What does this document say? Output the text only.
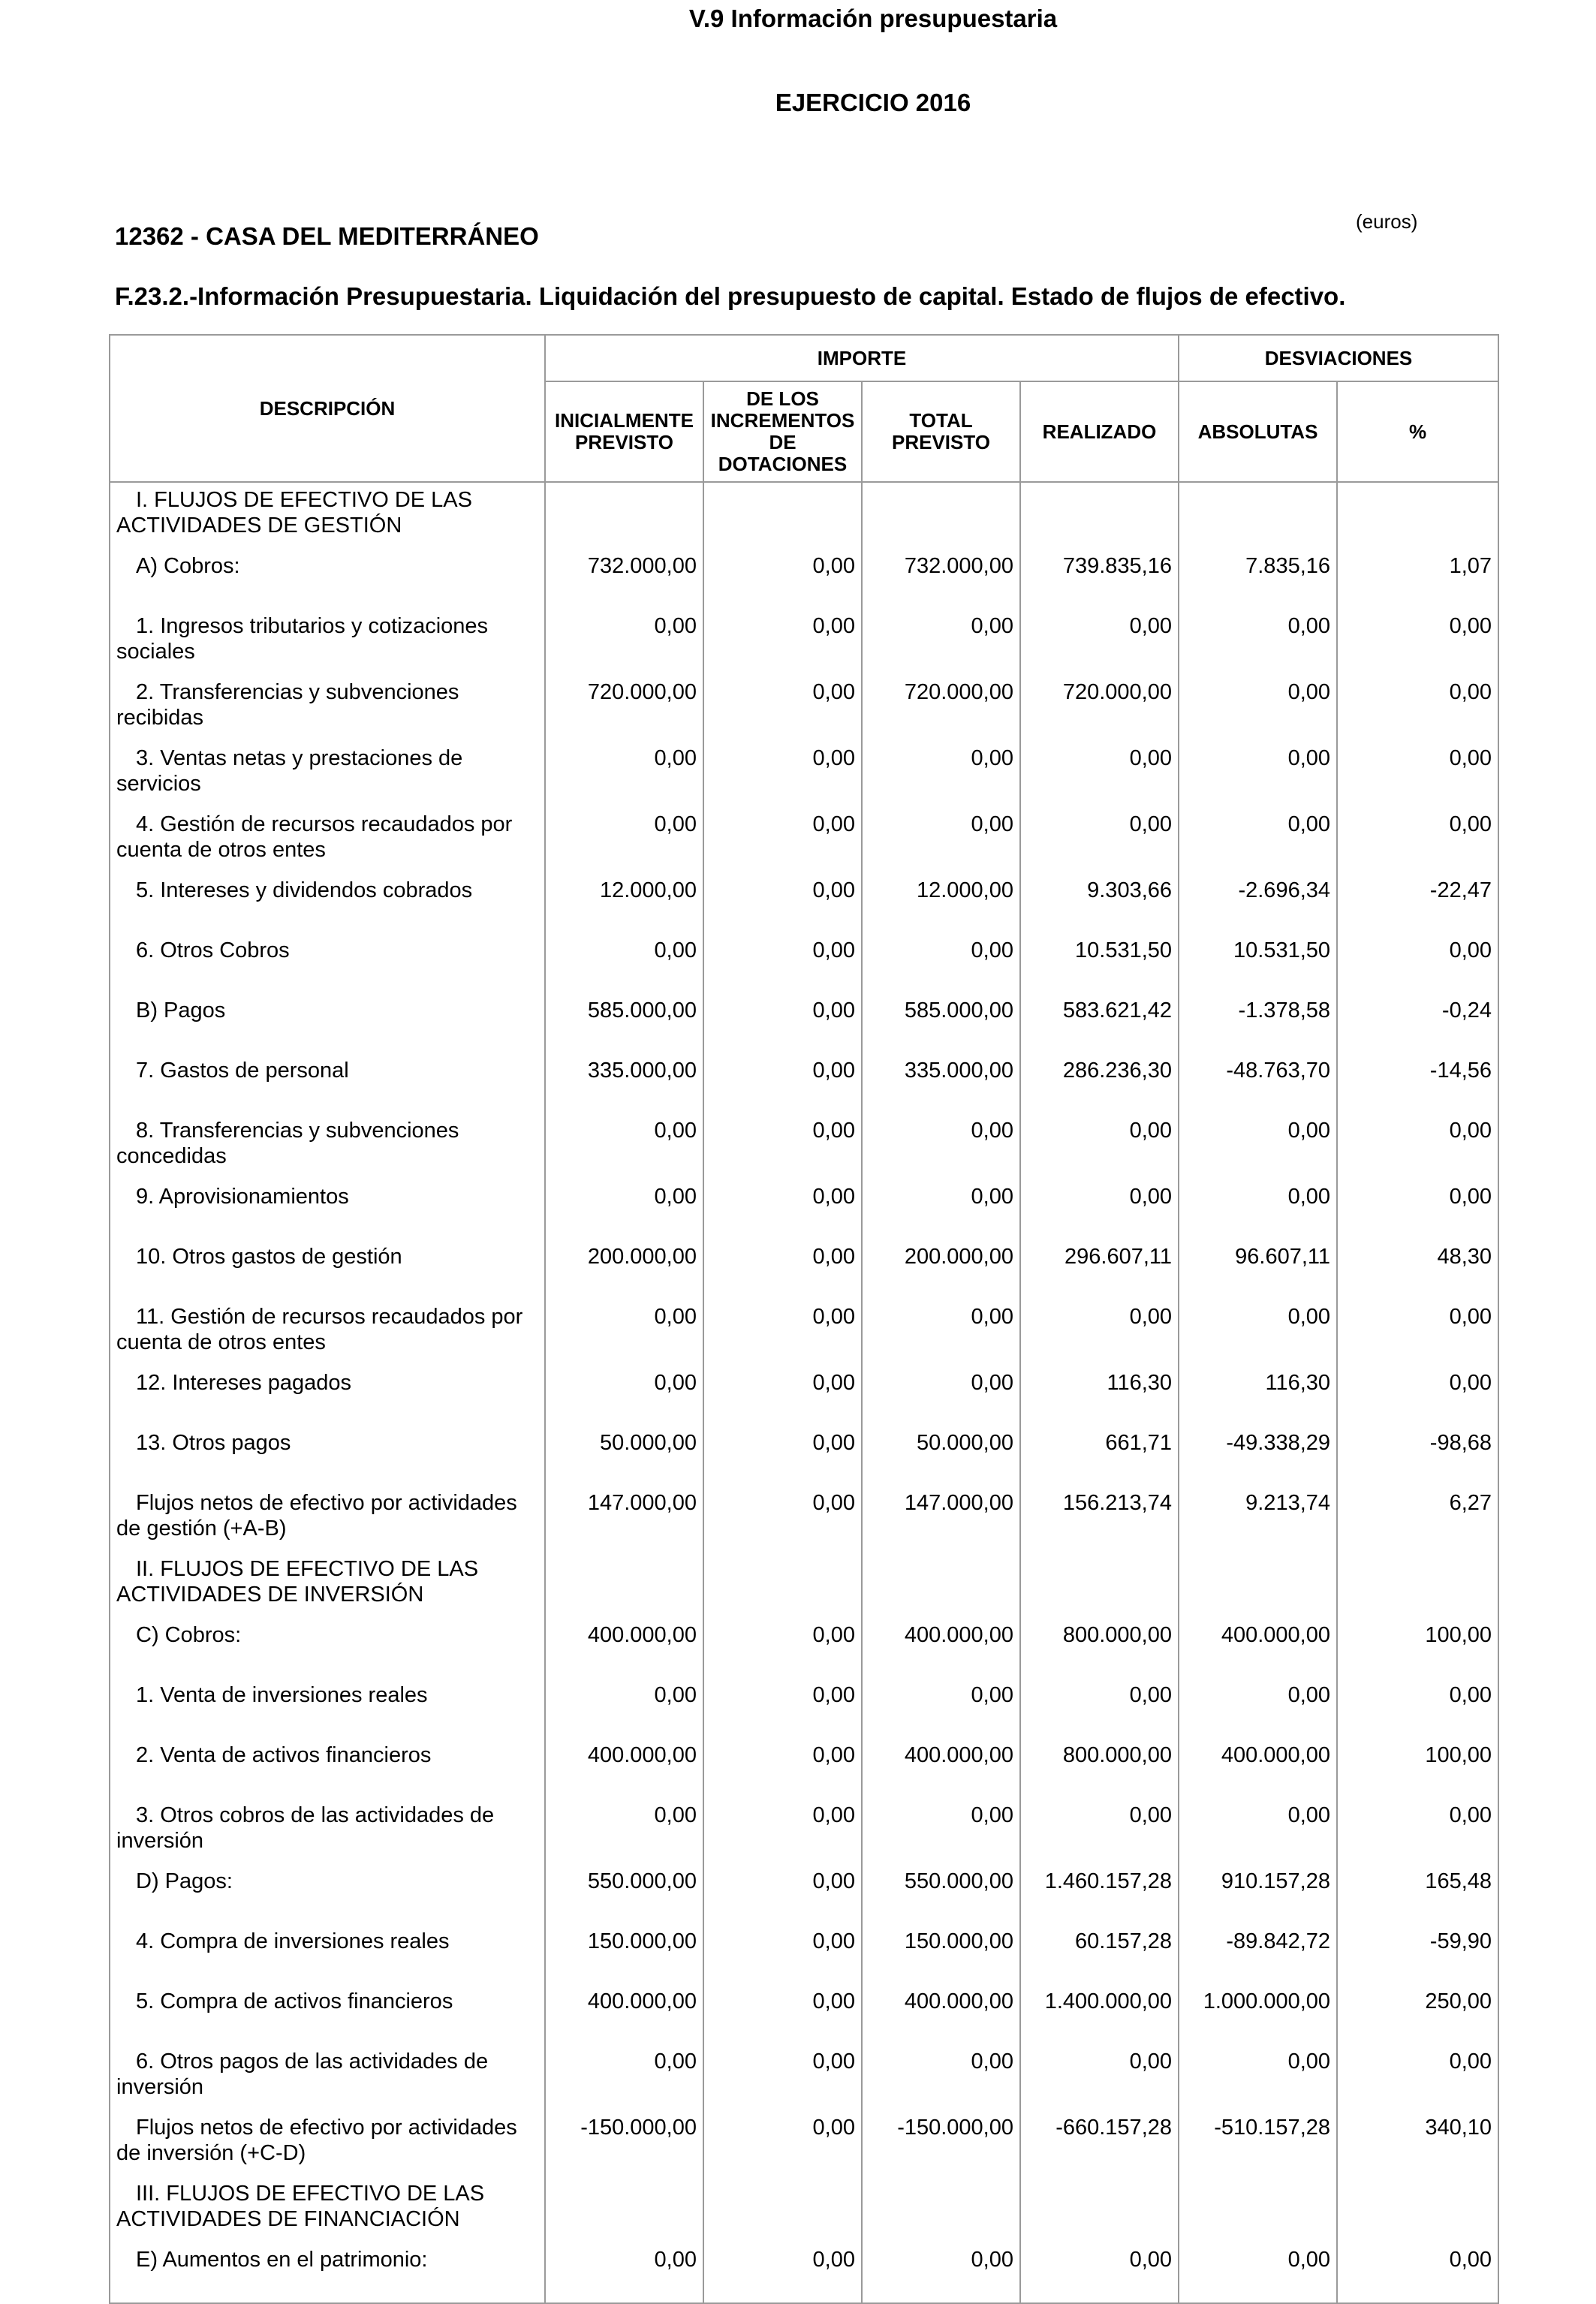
V.9 Información presupuestaria
EJERCICIO 2016
(euros)
12362 - CASA DEL MEDITERRÁNEO
F.23.2.-Información Presupuestaria. Liquidación del presupuesto de capital. Estado de flujos de efectivo.
DESCRIPCIÓN	IMPORTE				DESVIACIONES	
	INICIALMENTE PREVISTO	DE LOS INCREMENTOS DE DOTACIONES	TOTAL PREVISTO	REALIZADO	ABSOLUTAS	%

I. FLUJOS DE EFECTIVO DE LAS ACTIVIDADES DE GESTIÓN						

A) Cobros:	732.000,00	0,00	732.000,00	739.835,16	7.835,16	1,07

1. Ingresos tributarios y cotizaciones sociales	0,00	0,00	0,00	0,00	0,00	0,00

2. Transferencias y subvenciones recibidas	720.000,00	0,00	720.000,00	720.000,00	0,00	0,00

3. Ventas netas y prestaciones de servicios	0,00	0,00	0,00	0,00	0,00	0,00

4. Gestión de recursos recaudados por cuenta de otros entes	0,00	0,00	0,00	0,00	0,00	0,00

5. Intereses y dividendos cobrados	12.000,00	0,00	12.000,00	9.303,66	-2.696,34	-22,47

6. Otros Cobros	0,00	0,00	0,00	10.531,50	10.531,50	0,00

B) Pagos	585.000,00	0,00	585.000,00	583.621,42	-1.378,58	-0,24

7. Gastos de personal	335.000,00	0,00	335.000,00	286.236,30	-48.763,70	-14,56

8. Transferencias y subvenciones concedidas	0,00	0,00	0,00	0,00	0,00	0,00

9. Aprovisionamientos	0,00	0,00	0,00	0,00	0,00	0,00

10. Otros gastos de gestión	200.000,00	0,00	200.000,00	296.607,11	96.607,11	48,30

11. Gestión de recursos recaudados por cuenta de otros entes	0,00	0,00	0,00	0,00	0,00	0,00

12. Intereses pagados	0,00	0,00	0,00	116,30	116,30	0,00

13. Otros pagos	50.000,00	0,00	50.000,00	661,71	-49.338,29	-98,68

Flujos netos de efectivo por actividades de gestión (+A-B)	147.000,00	0,00	147.000,00	156.213,74	9.213,74	6,27

II. FLUJOS DE EFECTIVO DE LAS ACTIVIDADES DE INVERSIÓN						

C) Cobros:	400.000,00	0,00	400.000,00	800.000,00	400.000,00	100,00

1. Venta de inversiones reales	0,00	0,00	0,00	0,00	0,00	0,00

2. Venta de activos financieros	400.000,00	0,00	400.000,00	800.000,00	400.000,00	100,00

3. Otros cobros de las actividades de inversión	0,00	0,00	0,00	0,00	0,00	0,00

D) Pagos:	550.000,00	0,00	550.000,00	1.460.157,28	910.157,28	165,48

4. Compra de inversiones reales	150.000,00	0,00	150.000,00	60.157,28	-89.842,72	-59,90

5. Compra de activos financieros	400.000,00	0,00	400.000,00	1.400.000,00	1.000.000,00	250,00

6. Otros pagos de las actividades de inversión	0,00	0,00	0,00	0,00	0,00	0,00

Flujos netos de efectivo por actividades de inversión (+C-D)	-150.000,00	0,00	-150.000,00	-660.157,28	-510.157,28	340,10

III. FLUJOS DE EFECTIVO DE LAS ACTIVIDADES DE FINANCIACIÓN						

E) Aumentos en el patrimonio:	0,00	0,00	0,00	0,00	0,00	0,00
